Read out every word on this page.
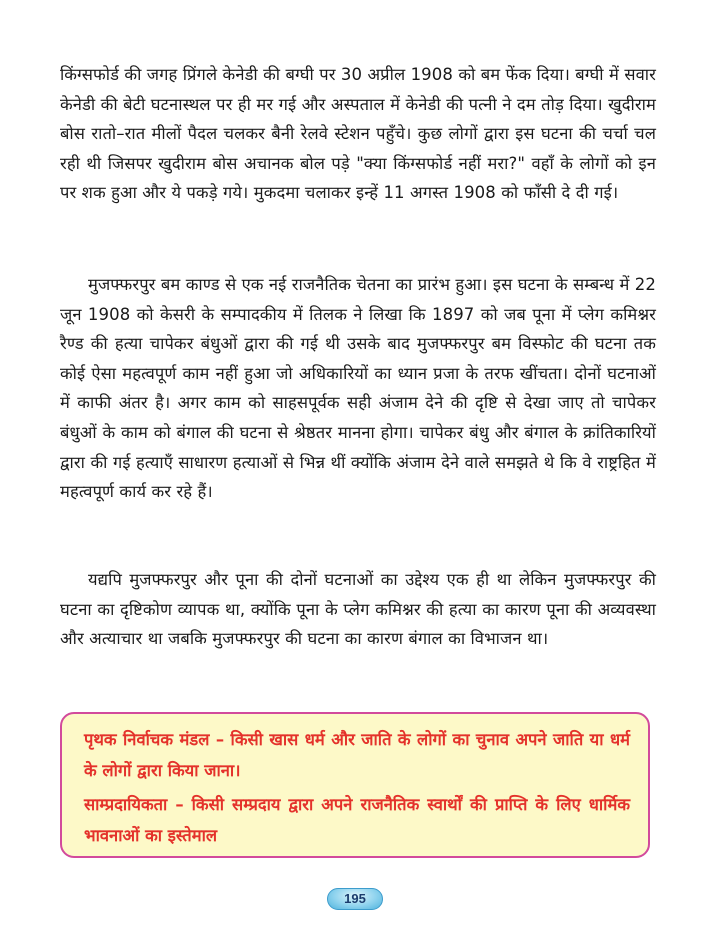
किंग्सफोर्ड की जगह प्रिंगले केनेडी की बग्घी पर 30 अप्रील 1908 को बम फेंक दिया। बग्घी में सवार केनेडी की बेटी घटनास्थल पर ही मर गई और अस्पताल में केनेडी की पत्नी ने दम तोड़ दिया। खुदीराम बोस रातो–रात मीलों पैदल चलकर बैनी रेलवे स्टेशन पहुँचे। कुछ लोगों द्वारा इस घटना की चर्चा चल रही थी जिसपर खुदीराम बोस अचानक बोल पड़े "क्या किंग्सफोर्ड नहीं मरा?" वहाँ के लोगों को इन पर शक हुआ और ये पकड़े गये। मुकदमा चलाकर इन्हें 11 अगस्त 1908 को फाँसी दे दी गई।

मुजफ्फरपुर बम काण्ड से एक नई राजनैतिक चेतना का प्रारंभ हुआ। इस घटना के सम्बन्ध में 22 जून 1908 को केसरी के सम्पादकीय में तिलक ने लिखा कि 1897 को जब पूना में प्लेग कमिश्नर रैण्ड की हत्या चापेकर बंधुओं द्वारा की गई थी उसके बाद मुजफ्फरपुर बम विस्फोट की घटना तक कोई ऐसा महत्वपूर्ण काम नहीं हुआ जो अधिकारियों का ध्यान प्रजा के तरफ खींचता। दोनों घटनाओं में काफी अंतर है। अगर काम को साहसपूर्वक सही अंजाम देने की दृष्टि से देखा जाए तो चापेकर बंधुओं के काम को बंगाल की घटना से श्रेष्ठतर मानना होगा। चापेकर बंधु और बंगाल के क्रांतिकारियों द्वारा की गई हत्याएँ साधारण हत्याओं से भिन्न थीं क्योंकि अंजाम देने वाले समझते थे कि वे राष्ट्रहित में महत्वपूर्ण कार्य कर रहे हैं।

यद्यपि मुजफ्फरपुर और पूना की दोनों घटनाओं का उद्देश्य एक ही था लेकिन मुजफ्फरपुर की घटना का दृष्टिकोण व्यापक था, क्योंकि पूना के प्लेग कमिश्नर की हत्या का कारण पूना की अव्यवस्था और अत्याचार था जबकि मुजफ्फरपुर की घटना का कारण बंगाल का विभाजन था।

पृथक निर्वाचक मंडल – किसी खास धर्म और जाति के लोगों का चुनाव अपने जाति या धर्म के लोगों द्वारा किया जाना।

साम्प्रदायिकता – किसी सम्प्रदाय द्वारा अपने राजनैतिक स्वार्थों की प्राप्ति के लिए धार्मिक भावनाओं का इस्तेमाल

195
